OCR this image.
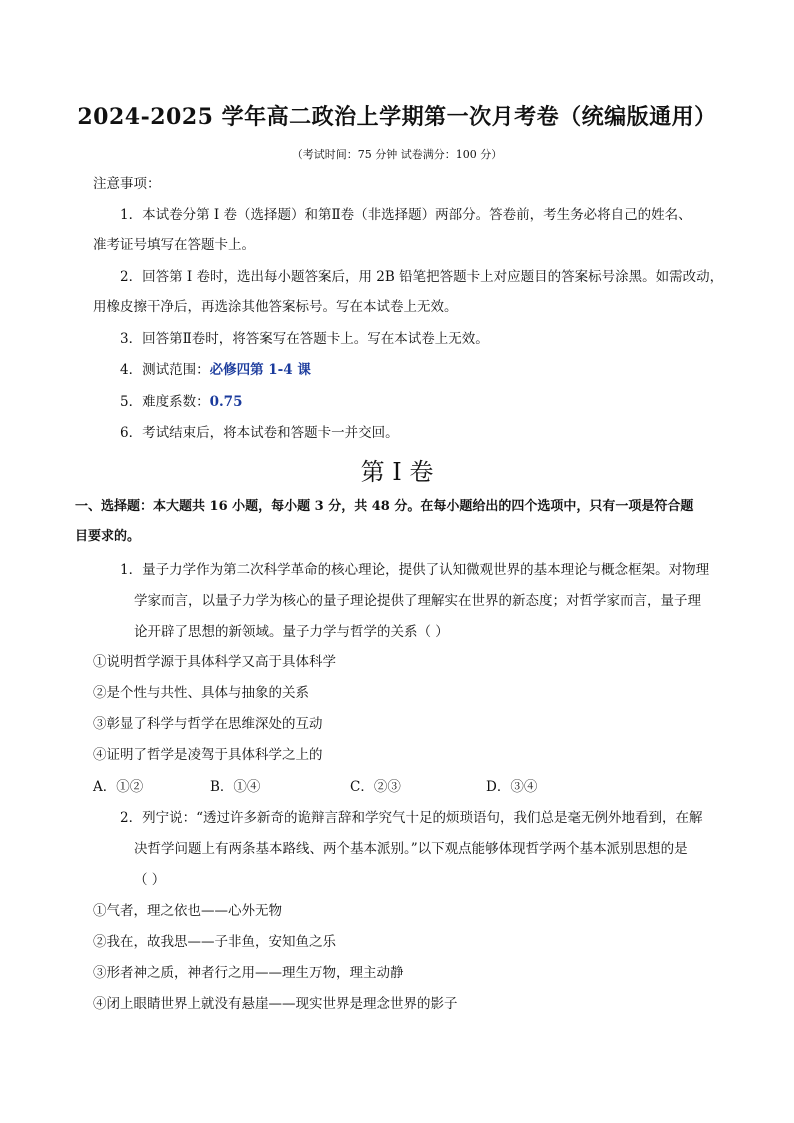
2024-2025 学年高二政治上学期第一次月考卷（统编版通用）
（考试时间：75 分钟 试卷满分：100 分）
注意事项：
1．本试卷分第 I 卷（选择题）和第Ⅱ卷（非选择题）两部分。答卷前，考生务必将自己的姓名、
准考证号填写在答题卡上。
2．回答第 I 卷时，选出每小题答案后，用 2B 铅笔把答题卡上对应题目的答案标号涂黑。如需改动，
用橡皮擦干净后，再选涂其他答案标号。写在本试卷上无效。
3．回答第Ⅱ卷时，将答案写在答题卡上。写在本试卷上无效。
4．测试范围：必修四第 1-4 课
5．难度系数：0.75
6．考试结束后，将本试卷和答题卡一并交回。
第 I 卷
一、选择题：本大题共 16 小题，每小题 3 分，共 48 分。在每小题给出的四个选项中，只有一项是符合题
目要求的。
1．量子力学作为第二次科学革命的核心理论，提供了认知微观世界的基本理论与概念框架。对物理
学家而言，以量子力学为核心的量子理论提供了理解实在世界的新态度；对哲学家而言，量子理
论开辟了思想的新领域。量子力学与哲学的关系（ ）
①说明哲学源于具体科学又高于具体科学
②是个性与共性、具体与抽象的关系
③彰显了科学与哲学在思维深处的互动
④证明了哲学是凌驾于具体科学之上的
A．①②	B．①④	C．②③	D．③④
2．列宁说：“透过许多新奇的诡辩言辞和学究气十足的烦琐语句，我们总是毫无例外地看到，在解
决哲学问题上有两条基本路线、两个基本派别。”以下观点能够体现哲学两个基本派别思想的是
（ ）
①气者，理之依也——心外无物
②我在，故我思——子非鱼，安知鱼之乐
③形者神之质，神者行之用——理生万物，理主动静
④闭上眼睛世界上就没有悬崖——现实世界是理念世界的影子
